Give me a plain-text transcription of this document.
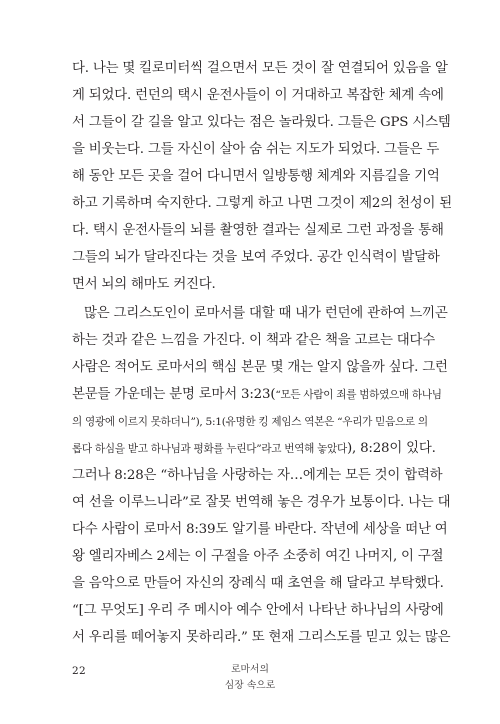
다. 나는 몇 킬로미터씩 걸으면서 모든 것이 잘 연결되어 있음을 알
게 되었다. 런던의 택시 운전사들이 이 거대하고 복잡한 체계 속에
서 그들이 갈 길을 알고 있다는 점은 놀라웠다. 그들은 GPS 시스템
을 비웃는다. 그들 자신이 살아 숨 쉬는 지도가 되었다. 그들은 두
해 동안 모든 곳을 걸어 다니면서 일방통행 체계와 지름길을 기억
하고 기록하며 숙지한다. 그렇게 하고 나면 그것이 제2의 천성이 된
다. 택시 운전사들의 뇌를 촬영한 결과는 실제로 그런 과정을 통해
그들의 뇌가 달라진다는 것을 보여 주었다. 공간 인식력이 발달하
면서 뇌의 해마도 커진다.
많은 그리스도인이 로마서를 대할 때 내가 런던에 관하여 느끼곤
하는 것과 같은 느낌을 가진다. 이 책과 같은 책을 고르는 대다수
사람은 적어도 로마서의 핵심 본문 몇 개는 알지 않을까 싶다. 그런
본문들 가운데는 분명 로마서 3:23(“모든 사람이 죄를 범하였으매 하나님
의 영광에 이르지 못하더니”), 5:1(유명한 킹 제임스 역본은 “우리가 믿음으로 의
롭다 하심을 받고 하나님과 평화를 누린다”라고 번역해 놓았다), 8:28이 있다.
그러나 8:28은 “하나님을 사랑하는 자…에게는 모든 것이 합력하
여 선을 이루느니라”로 잘못 번역해 놓은 경우가 보통이다. 나는 대
다수 사람이 로마서 8:39도 알기를 바란다. 작년에 세상을 떠난 여
왕 엘리자베스 2세는 이 구절을 아주 소중히 여긴 나머지, 이 구절
을 음악으로 만들어 자신의 장례식 때 초연을 해 달라고 부탁했다.
“[그 무엇도] 우리 주 메시아 예수 안에서 나타난 하나님의 사랑에
서 우리를 떼어놓지 못하리라.” 또 현재 그리스도를 믿고 있는 많은
22	로마서의
심장 속으로
